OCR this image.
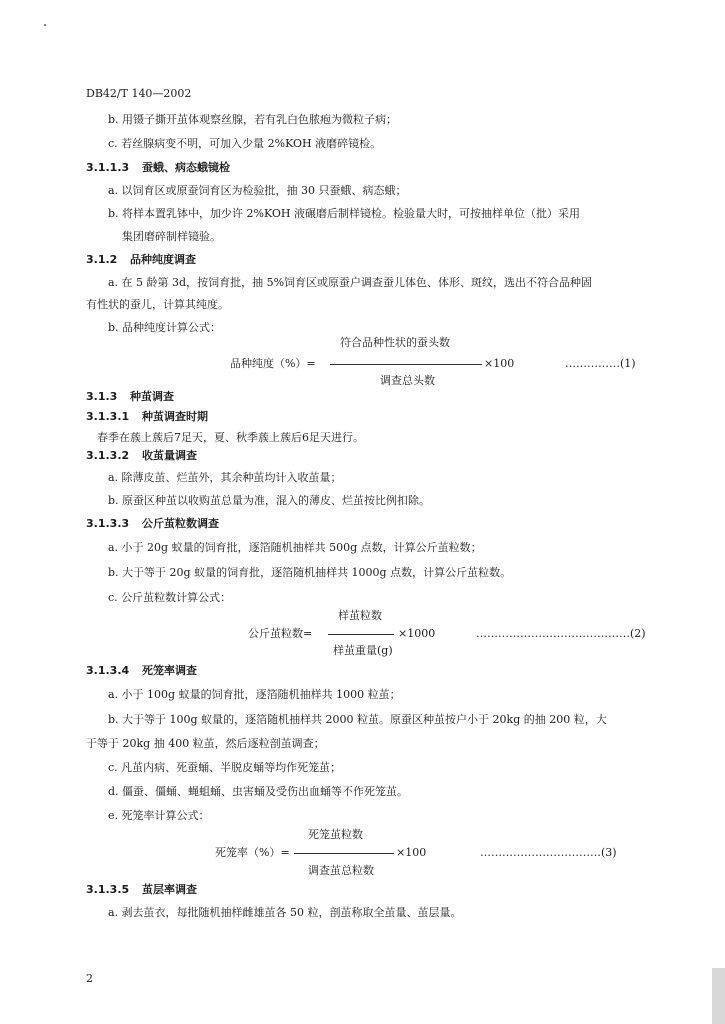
DB42/T 140—2002
b. 用镊子撕开茧体观察丝腺，若有乳白色脓疱为微粒子病；
c. 若丝腺病变不明，可加入少量 2%KOH 液磨碎镜检。
3.1.1.3 蚕蛾、病态蛾镜检
a. 以饲育区或原蚕饲育区为检验批，抽 30 只蚕蛾、病态蛾；
b. 将样本置乳钵中，加少许 2%KOH 液碾磨后制样镜检。检验量大时，可按抽样单位（批）采用
集团磨碎制样镜验。
3.1.2 品种纯度调查
a. 在 5 龄第 3d，按饲育批，抽 5%饲育区或原蚕户调查蚕儿体色、体形、斑纹，选出不符合品种固
有性状的蚕儿，计算其纯度。
b. 品种纯度计算公式：
符合品种性状的蚕头数
品种纯度（%）=	×100	……………(1)
调查总头数
3.1.3 种茧调查
3.1.3.1 种茧调查时期
春季在蔟上蔟后7足天，夏、秋季蔟上蔟后6足天进行。
3.1.3.2 收茧量调查
a. 除薄皮茧、烂茧外，其余种茧均计入收茧量；
b. 原蚕区种茧以收购茧总量为准，混入的薄皮、烂茧按比例扣除。
3.1.3.3 公斤茧粒数调查
a. 小于 20g 蚁量的饲育批，逐箔随机抽样共 500g 点数，计算公斤茧粒数；
b. 大于等于 20g 蚁量的饲育批，逐箔随机抽样共 1000g 点数，计算公斤茧粒数。
c. 公斤茧粒数计算公式：
样茧粒数
公斤茧粒数=	×1000	……………………………………(2)
样茧重量(g)
3.1.3.4 死笼率调查
a. 小于 100g 蚁量的饲育批，逐箔随机抽样共 1000 粒茧；
b. 大于等于 100g 蚁量的，逐箔随机抽样共 2000 粒茧。原蚕区种茧按户小于 20kg 的抽 200 粒，大
于等于 20kg 抽 400 粒茧，然后逐粒剖茧调查；
c. 凡茧内病、死蚕蛹、半脱皮蛹等均作死笼茧；
d. 僵蚕、僵蛹、蝇蛆蛹、虫害蛹及受伤出血蛹等不作死笼茧。
e. 死笼率计算公式：
死笼茧粒数
死笼率（%）=	×100	……………………………(3)
调查茧总粒数
3.1.3.5 茧层率调查
a. 剥去茧衣，每批随机抽样雌雄茧各 50 粒，剖茧称取全茧量、茧层量。
2
